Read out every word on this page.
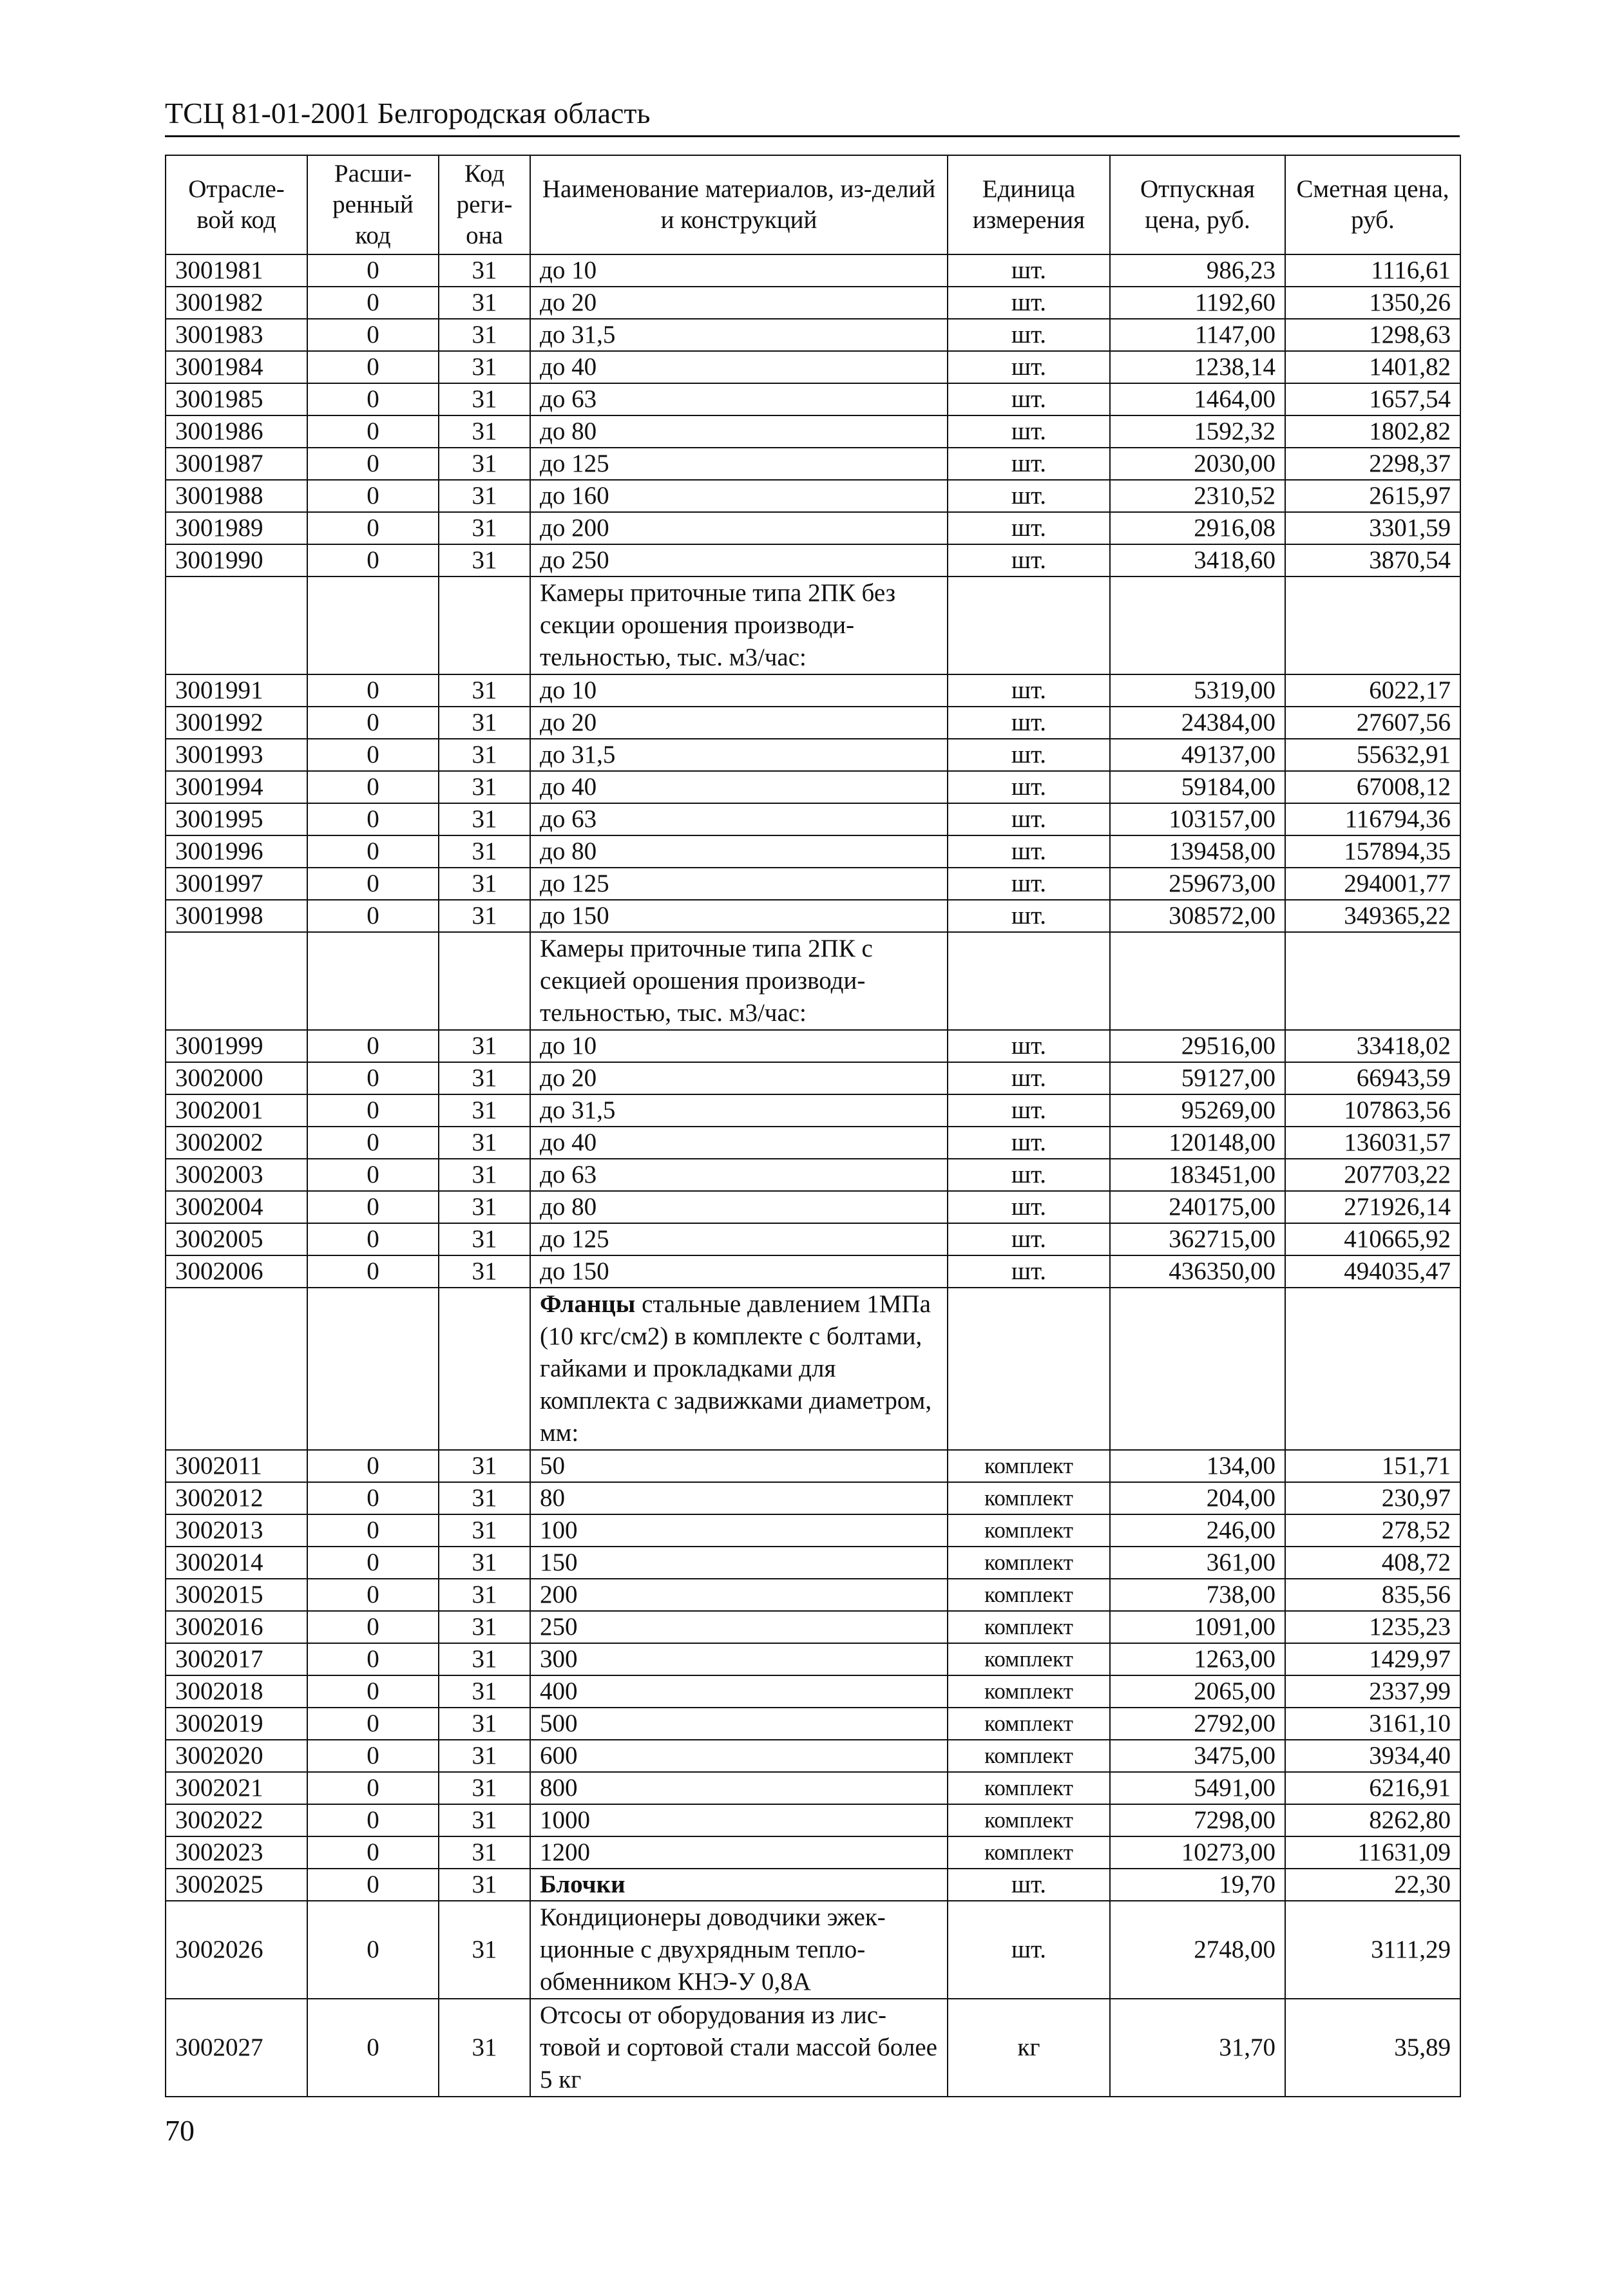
ТСЦ 81-01-2001 Белгородская область
Отрасле-вой код	Расши-ренный код	Код реги-она	Наименование материалов, из-делий и конструкций	Единица измерения	Отпускная цена, руб.	Сметная цена, руб.
3001981	0	31	до 10	шт.	986,23	1116,61
3001982	0	31	до 20	шт.	1192,60	1350,26
3001983	0	31	до 31,5	шт.	1147,00	1298,63
3001984	0	31	до 40	шт.	1238,14	1401,82
3001985	0	31	до 63	шт.	1464,00	1657,54
3001986	0	31	до 80	шт.	1592,32	1802,82
3001987	0	31	до 125	шт.	2030,00	2298,37
3001988	0	31	до 160	шт.	2310,52	2615,97
3001989	0	31	до 200	шт.	2916,08	3301,59
3001990	0	31	до 250	шт.	3418,60	3870,54
			Камеры приточные типа 2ПК без секции орошения производи-тельностью, тыс. м3/час:			
3001991	0	31	до 10	шт.	5319,00	6022,17
3001992	0	31	до 20	шт.	24384,00	27607,56
3001993	0	31	до 31,5	шт.	49137,00	55632,91
3001994	0	31	до 40	шт.	59184,00	67008,12
3001995	0	31	до 63	шт.	103157,00	116794,36
3001996	0	31	до 80	шт.	139458,00	157894,35
3001997	0	31	до 125	шт.	259673,00	294001,77
3001998	0	31	до 150	шт.	308572,00	349365,22
			Камеры приточные типа 2ПК с секцией орошения производи-тельностью, тыс. м3/час:			
3001999	0	31	до 10	шт.	29516,00	33418,02
3002000	0	31	до 20	шт.	59127,00	66943,59
3002001	0	31	до 31,5	шт.	95269,00	107863,56
3002002	0	31	до 40	шт.	120148,00	136031,57
3002003	0	31	до 63	шт.	183451,00	207703,22
3002004	0	31	до 80	шт.	240175,00	271926,14
3002005	0	31	до 125	шт.	362715,00	410665,92
3002006	0	31	до 150	шт.	436350,00	494035,47
			Фланцы стальные давлением 1МПа (10 кгс/см2) в комплекте с болтами, гайками и прокладками для комплекта с задвижками диаметром, мм:			
3002011	0	31	50	комплект	134,00	151,71
3002012	0	31	80	комплект	204,00	230,97
3002013	0	31	100	комплект	246,00	278,52
3002014	0	31	150	комплект	361,00	408,72
3002015	0	31	200	комплект	738,00	835,56
3002016	0	31	250	комплект	1091,00	1235,23
3002017	0	31	300	комплект	1263,00	1429,97
3002018	0	31	400	комплект	2065,00	2337,99
3002019	0	31	500	комплект	2792,00	3161,10
3002020	0	31	600	комплект	3475,00	3934,40
3002021	0	31	800	комплект	5491,00	6216,91
3002022	0	31	1000	комплект	7298,00	8262,80
3002023	0	31	1200	комплект	10273,00	11631,09
3002025	0	31	Блочки	шт.	19,70	22,30
3002026	0	31	Кондиционеры доводчики эжек-ционные с двухрядным тепло-обменником КНЭ-У 0,8А	шт.	2748,00	3111,29
3002027	0	31	Отсосы от оборудования из лис-товой и сортовой стали массой более 5 кг	кг	31,70	35,89
70
